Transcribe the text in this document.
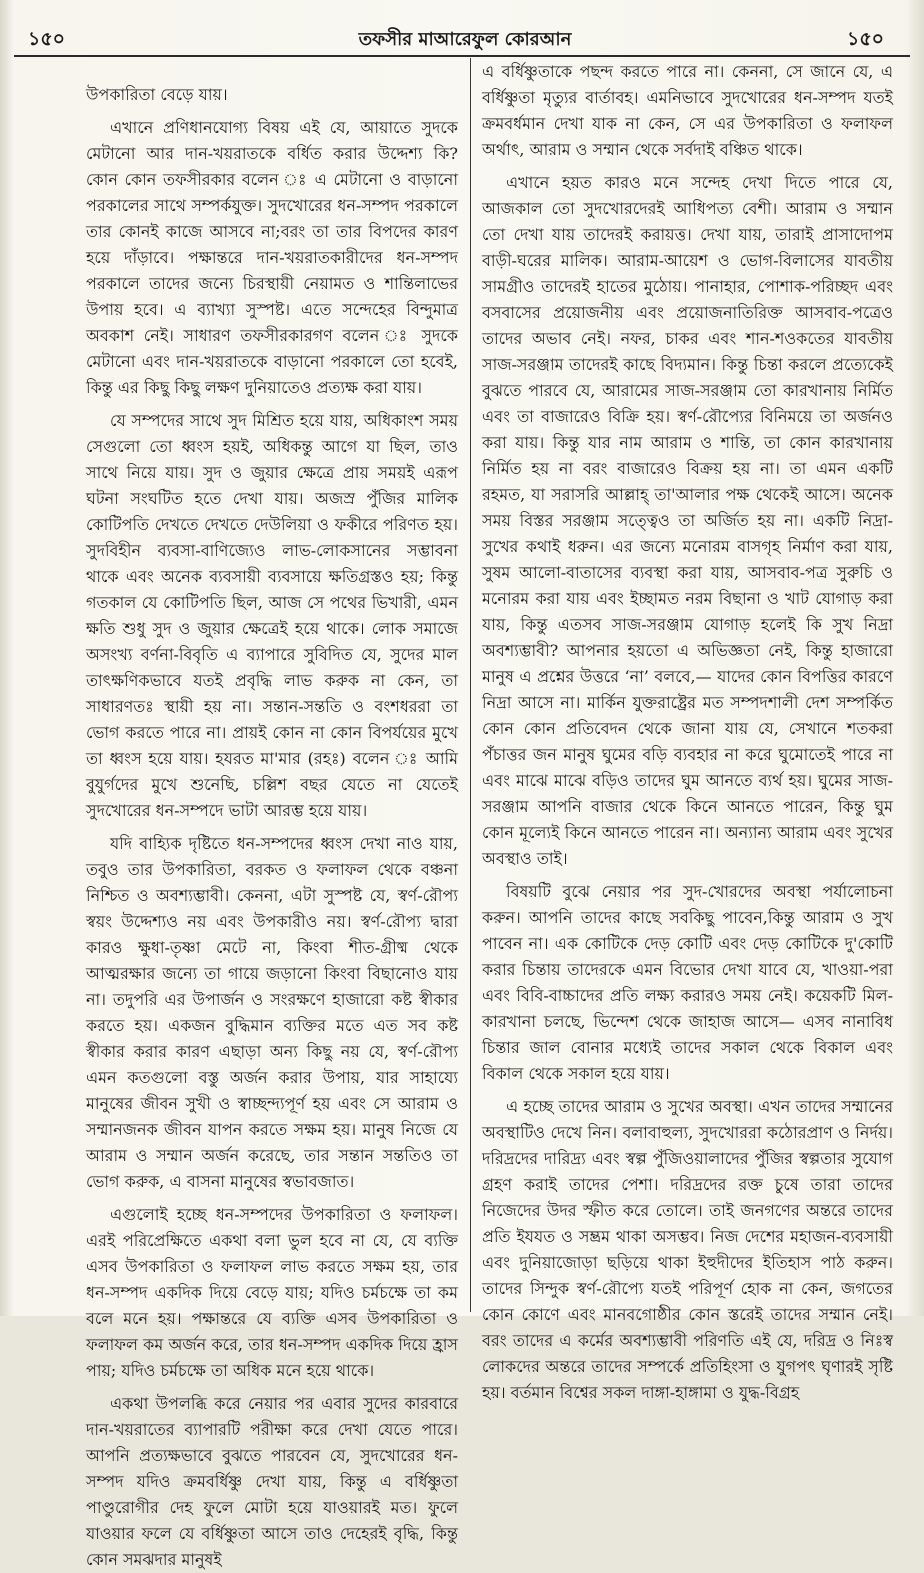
১৫০	তফসীর মাআরেফুল কোরআন	১৫০

উপকারিতা বেড়ে যায়।

এখানে প্রণিধানযোগ্য বিষয় এই যে, আয়াতে সুদকে মেটানো আর দান-খয়রাতকে বর্ধিত করার উদ্দেশ্য কি? কোন কোন তফসীরকার বলেন ঃ এ মেটানো ও বাড়ানো পরকালের সাথে সম্পর্কযুক্ত। সুদখোরের ধন-সম্পদ পরকালে তার কোনই কাজে আসবে না;বরং তা তার বিপদের কারণ হয়ে দাঁড়াবে। পক্ষান্তরে দান-খয়রাতকারীদের ধন-সম্পদ পরকালে তাদের জন্যে চিরস্থায়ী নেয়ামত ও শান্তিলাভের উপায় হবে। এ ব্যাখ্যা সুস্পষ্ট। এতে সন্দেহের বিন্দুমাত্র অবকাশ নেই। সাধারণ তফসীরকারগণ বলেন ঃ সুদকে মেটানো এবং দান-খয়রাতকে বাড়ানো পরকালে তো হবেই, কিন্তু এর কিছু কিছু লক্ষণ দুনিয়াতেও প্রত্যক্ষ করা যায়।

যে সম্পদের সাথে সুদ মিশ্রিত হয়ে যায়, অধিকাংশ সময় সেগুলো তো ধ্বংস হয়ই, অধিকন্তু আগে যা ছিল, তাও সাথে নিয়ে যায়। সুদ ও জুয়ার ক্ষেত্রে প্রায় সময়ই এরূপ ঘটনা সংঘটিত হতে দেখা যায়। অজস্র পুঁজির মালিক কোটিপতি দেখতে দেখতে দেউলিয়া ও ফকীরে পরিণত হয়। সুদবিহীন ব্যবসা-বাণিজ্যেও লাভ-লোকসানের সম্ভাবনা থাকে এবং অনেক ব্যবসায়ী ব্যবসায়ে ক্ষতিগ্রস্তও হয়; কিন্তু গতকাল যে কোটিপতি ছিল, আজ সে পথের ভিখারী, এমন ক্ষতি শুধু সুদ ও জুয়ার ক্ষেত্রেই হয়ে থাকে। লোক সমাজে অসংখ্য বর্ণনা-বিবৃতি এ ব্যাপারে সুবিদিত যে, সুদের মাল তাৎক্ষণিকভাবে যতই প্রবৃদ্ধি লাভ করুক না কেন, তা সাধারণতঃ স্থায়ী হয় না। সন্তান-সন্ততি ও বংশধররা তা ভোগ করতে পারে না। প্রায়ই কোন না কোন বিপর্যয়ের মুখে তা ধ্বংস হয়ে যায়। হযরত মা'মার (রহঃ) বলেন ঃ আমি বুযুর্গদের মুখে শুনেছি, চল্লিশ বছর যেতে না যেতেই সুদখোরের ধন-সম্পদে ভাটা আরম্ভ হয়ে যায়।

যদি বাহ্যিক দৃষ্টিতে ধন-সম্পদের ধ্বংস দেখা নাও যায়, তবুও তার উপকারিতা, বরকত ও ফলাফল থেকে বঞ্চনা নিশ্চিত ও অবশ্যম্ভাবী। কেননা, এটা সুস্পষ্ট যে, স্বর্ণ-রৌপ্য স্বয়ং উদ্দেশ্যও নয় এবং উপকারীও নয়। স্বর্ণ-রৌপ্য দ্বারা কারও ক্ষুধা-তৃষ্ণা মেটে না, কিংবা শীত-গ্রীষ্ম থেকে আত্মরক্ষার জন্যে তা গায়ে জড়ানো কিংবা বিছানোও যায় না। তদুপরি এর উপার্জন ও সংরক্ষণে হাজারো কষ্ট স্বীকার করতে হয়। একজন বুদ্ধিমান ব্যক্তির মতে এত সব কষ্ট স্বীকার করার কারণ এছাড়া অন্য কিছু নয় যে, স্বর্ণ-রৌপ্য এমন কতগুলো বস্তু অর্জন করার উপায়, যার সাহায্যে মানুষের জীবন সুখী ও স্বাচ্ছন্দ্যপূর্ণ হয় এবং সে আরাম ও সম্মানজনক জীবন যাপন করতে সক্ষম হয়। মানুষ নিজে যে আরাম ও সম্মান অর্জন করেছে, তার সন্তান সন্ততিও তা ভোগ করুক, এ বাসনা মানুষের স্বভাবজাত।

এগুলোই হচ্ছে ধন-সম্পদের উপকারিতা ও ফলাফল। এরই পরিপ্রেক্ষিতে একথা বলা ভুল হবে না যে, যে ব্যক্তি এসব উপকারিতা ও ফলাফল লাভ করতে সক্ষম হয়, তার ধন-সম্পদ একদিক দিয়ে বেড়ে যায়; যদিও চর্মচক্ষে তা কম বলে মনে হয়। পক্ষান্তরে যে ব্যক্তি এসব উপকারিতা ও ফলাফল কম অর্জন করে, তার ধন-সম্পদ একদিক দিয়ে হ্রাস পায়; যদিও চর্মচক্ষে তা অধিক মনে হয়ে থাকে।

একথা উপলব্ধি করে নেয়ার পর এবার সুদের কারবারে দান-খয়রাতের ব্যাপারটি পরীক্ষা করে দেখা যেতে পারে। আপনি প্রত্যক্ষভাবে বুঝতে পারবেন যে, সুদখোরের ধন-সম্পদ যদিও ক্রমবর্ধিষ্ণু দেখা যায়, কিন্তু এ বর্ধিষ্ণুতা পাণ্ডুরোগীর দেহ ফুলে মোটা হয়ে যাওয়ারই মত। ফুলে যাওয়ার ফলে যে বর্ধিষ্ণুতা আসে তাও দেহেরই বৃদ্ধি, কিন্তু কোন সমঝদার মানুষই

এ বর্ধিষ্ণুতাকে পছন্দ করতে পারে না। কেননা, সে জানে যে, এ বর্ধিষ্ণুতা মৃত্যুর বার্তাবহ। এমনিভাবে সুদখোরের ধন-সম্পদ যতই ক্রমবর্ধমান দেখা যাক না কেন, সে এর উপকারিতা ও ফলাফল অর্থাৎ, আরাম ও সম্মান থেকে সর্বদাই বঞ্চিত থাকে।

এখানে হয়ত কারও মনে সন্দেহ দেখা দিতে পারে যে, আজকাল তো সুদখোরদেরই আধিপত্য বেশী। আরাম ও সম্মান তো দেখা যায় তাদেরই করায়ত্ত। দেখা যায়, তারাই প্রাসাদোপম বাড়ী-ঘরের মালিক। আরাম-আয়েশ ও ভোগ-বিলাসের যাবতীয় সামগ্রীও তাদেরই হাতের মুঠোয়। পানাহার, পোশাক-পরিচ্ছদ এবং বসবাসের প্রয়োজনীয় এবং প্রয়োজনাতিরিক্ত আসবাব-পত্রেও তাদের অভাব নেই। নফর, চাকর এবং শান-শওকতের যাবতীয় সাজ-সরঞ্জাম তাদেরই কাছে বিদ্যমান। কিন্তু চিন্তা করলে প্রত্যেকেই বুঝতে পারবে যে, আরামের সাজ-সরঞ্জাম তো কারখানায় নির্মিত এবং তা বাজারেও বিক্রি হয়। স্বর্ণ-রৌপ্যের বিনিময়ে তা অর্জনও করা যায়। কিন্তু যার নাম আরাম ও শান্তি, তা কোন কারখানায় নির্মিত হয় না বরং বাজারেও বিক্রয় হয় না। তা এমন একটি রহমত, যা সরাসরি আল্লাহ্ তা'আলার পক্ষ থেকেই আসে। অনেক সময় বিস্তর সরঞ্জাম সত্ত্বেও তা অর্জিত হয় না। একটি নিদ্রা-সুখের কথাই ধরুন। এর জন্যে মনোরম বাসগৃহ নির্মাণ করা যায়, সুষম আলো-বাতাসের ব্যবস্থা করা যায়, আসবাব-পত্র সুরুচি ও মনোরম করা যায় এবং ইচ্ছামত নরম বিছানা ও খাট যোগাড় করা যায়, কিন্তু এতসব সাজ-সরঞ্জাম যোগাড় হলেই কি সুখ নিদ্রা অবশ্যম্ভাবী? আপনার হয়তো এ অভিজ্ঞতা নেই, কিন্তু হাজারো মানুষ এ প্রশ্নের উত্তরে ‘না’ বলবে,— যাদের কোন বিপত্তির কারণে নিদ্রা আসে না। মার্কিন যুক্তরাষ্ট্রের মত সম্পদশালী দেশ সম্পর্কিত কোন কোন প্রতিবেদন থেকে জানা যায় যে, সেখানে শতকরা পঁচাত্তর জন মানুষ ঘুমের বড়ি ব্যবহার না করে ঘুমোতেই পারে না এবং মাঝে মাঝে বড়িও তাদের ঘুম আনতে ব্যর্থ হয়। ঘুমের সাজ-সরঞ্জাম আপনি বাজার থেকে কিনে আনতে পারেন, কিন্তু ঘুম কোন মূল্যেই কিনে আনতে পারেন না। অন্যান্য আরাম এবং সুখের অবস্থাও তাই।

বিষয়টি বুঝে নেয়ার পর সুদ-খোরদের অবস্থা পর্যালোচনা করুন। আপনি তাদের কাছে সবকিছু পাবেন,কিন্তু আরাম ও সুখ পাবেন না। এক কোটিকে দেড় কোটি এবং দেড় কোটিকে দু'কোটি করার চিন্তায় তাদেরকে এমন বিভোর দেখা যাবে যে, খাওয়া-পরা এবং বিবি-বাচ্চাদের প্রতি লক্ষ্য করারও সময় নেই। কয়েকটি মিল-কারখানা চলছে, ভিন্দেশ থেকে জাহাজ আসে— এসব নানাবিধ চিন্তার জাল বোনার মধ্যেই তাদের সকাল থেকে বিকাল এবং বিকাল থেকে সকাল হয়ে যায়।

এ হচ্ছে তাদের আরাম ও সুখের অবস্থা। এখন তাদের সম্মানের অবস্থাটিও দেখে নিন। বলাবাহুল্য, সুদখোররা কঠোরপ্রাণ ও নির্দয়। দরিদ্রদের দারিদ্র্য এবং স্বল্প পুঁজিওয়ালাদের পুঁজির স্বল্পতার সুযোগ গ্রহণ করাই তাদের পেশা। দরিদ্রদের রক্ত চুষে তারা তাদের নিজেদের উদর স্ফীত করে তোলে। তাই জনগণের অন্তরে তাদের প্রতি ইযযত ও সম্ভ্রম থাকা অসম্ভব। নিজ দেশের মহাজন-ব্যবসায়ী এবং দুনিয়াজোড়া ছড়িয়ে থাকা ইহুদীদের ইতিহাস পাঠ করুন। তাদের সিন্দুক স্বর্ণ-রৌপ্যে যতই পরিপূর্ণ হোক না কেন, জগতের কোন কোণে এবং মানবগোষ্ঠীর কোন স্তরেই তাদের সম্মান নেই। বরং তাদের এ কর্মের অবশ্যম্ভাবী পরিণতি এই যে, দরিদ্র ও নিঃস্ব লোকদের অন্তরে তাদের সম্পর্কে প্রতিহিংসা ও যুগপৎ ঘৃণারই সৃষ্টি হয়। বর্তমান বিশ্বের সকল দাঙ্গা-হাঙ্গামা ও যুদ্ধ-বিগ্রহ
